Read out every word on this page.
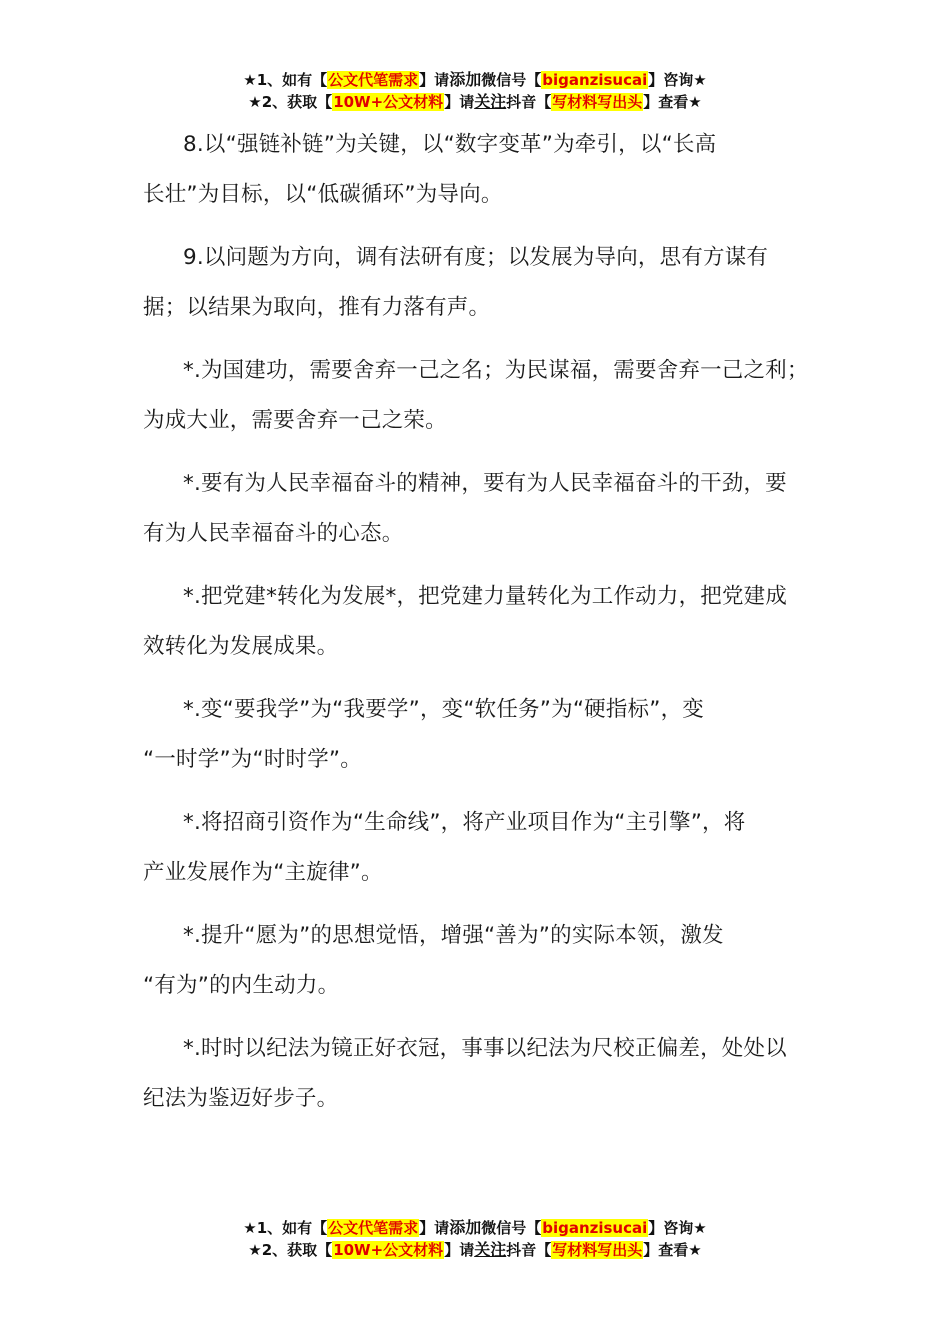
★1、如有【公文代笔需求】请添加微信号【biganzisucai】咨询★
★2、获取【10W+公文材料】请关注抖音【写材料写出头】查看★

8.以“强链补链”为关键，以“数字变革”为牵引，以“长高
长壮”为目标，以“低碳循环”为导向。

9.以问题为方向，调有法研有度；以发展为导向，思有方谋有
据；以结果为取向，推有力落有声。

*.为国建功，需要舍弃一己之名；为民谋福，需要舍弃一己之利；
为成大业，需要舍弃一己之荣。

*.要有为人民幸福奋斗的精神，要有为人民幸福奋斗的干劲，要
有为人民幸福奋斗的心态。

*.把党建*转化为发展*，把党建力量转化为工作动力，把党建成
效转化为发展成果。

*.变“要我学”为“我要学”，变“软任务”为“硬指标”，变
“一时学”为“时时学”。

*.将招商引资作为“生命线”，将产业项目作为“主引擎”，将
产业发展作为“主旋律”。

*.提升“愿为”的思想觉悟，增强“善为”的实际本领，激发
“有为”的内生动力。

*.时时以纪法为镜正好衣冠，事事以纪法为尺校正偏差，处处以
纪法为鉴迈好步子。

★1、如有【公文代笔需求】请添加微信号【biganzisucai】咨询★
★2、获取【10W+公文材料】请关注抖音【写材料写出头】查看★
